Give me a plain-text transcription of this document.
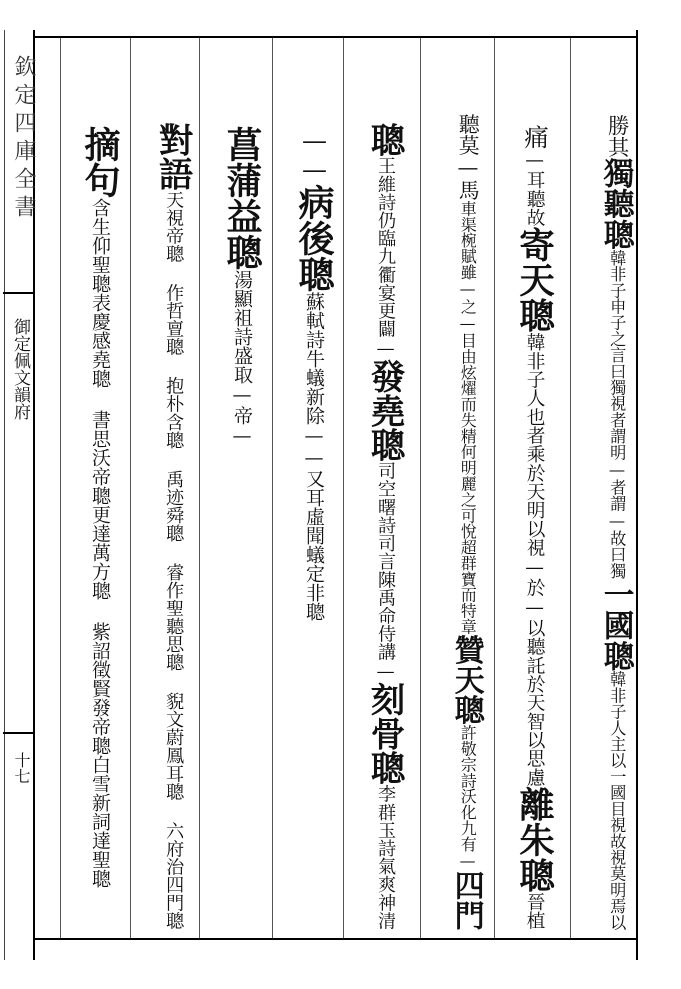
欽定四庫全書
御定佩文韻府
十七

勝其獨聽聰韓非子申子之言曰獨視者謂明—者謂—故曰獨一國聰韓非子人主以一國目視故視莫明焉以

痛—耳聽故寄天聰韓非子人也者乘於天明以視—於—以聽託於天智以思慮離朱聰晉植

聽莫—馬車渠椀賦雖—之—目由炫燿而失精何明麗之可悅超群寶而特章贊天聰許敬宗詩沃化九有—四門

聰王維詩仍臨九衢宴更闢—發堯聰司空曙詩司言陳禹命侍講—刻骨聰李群玉詩氣爽神清

——病後聰蘇軾詩牛蟻新除——又耳虛聞蟻定非聰

菖蒲益聰湯顯祖詩盛取—帝—

對語天視帝聰 作哲亶聰 抱朴含聰 禹迹舜聰 睿作聖聽思聰 貎文蔚鳳耳聰 六府治四門聰

摘句含生仰聖聰表慶感堯聰 書思沃帝聰更達萬方聰 紫詔徵賢發帝聰白雪新詞達聖聰
